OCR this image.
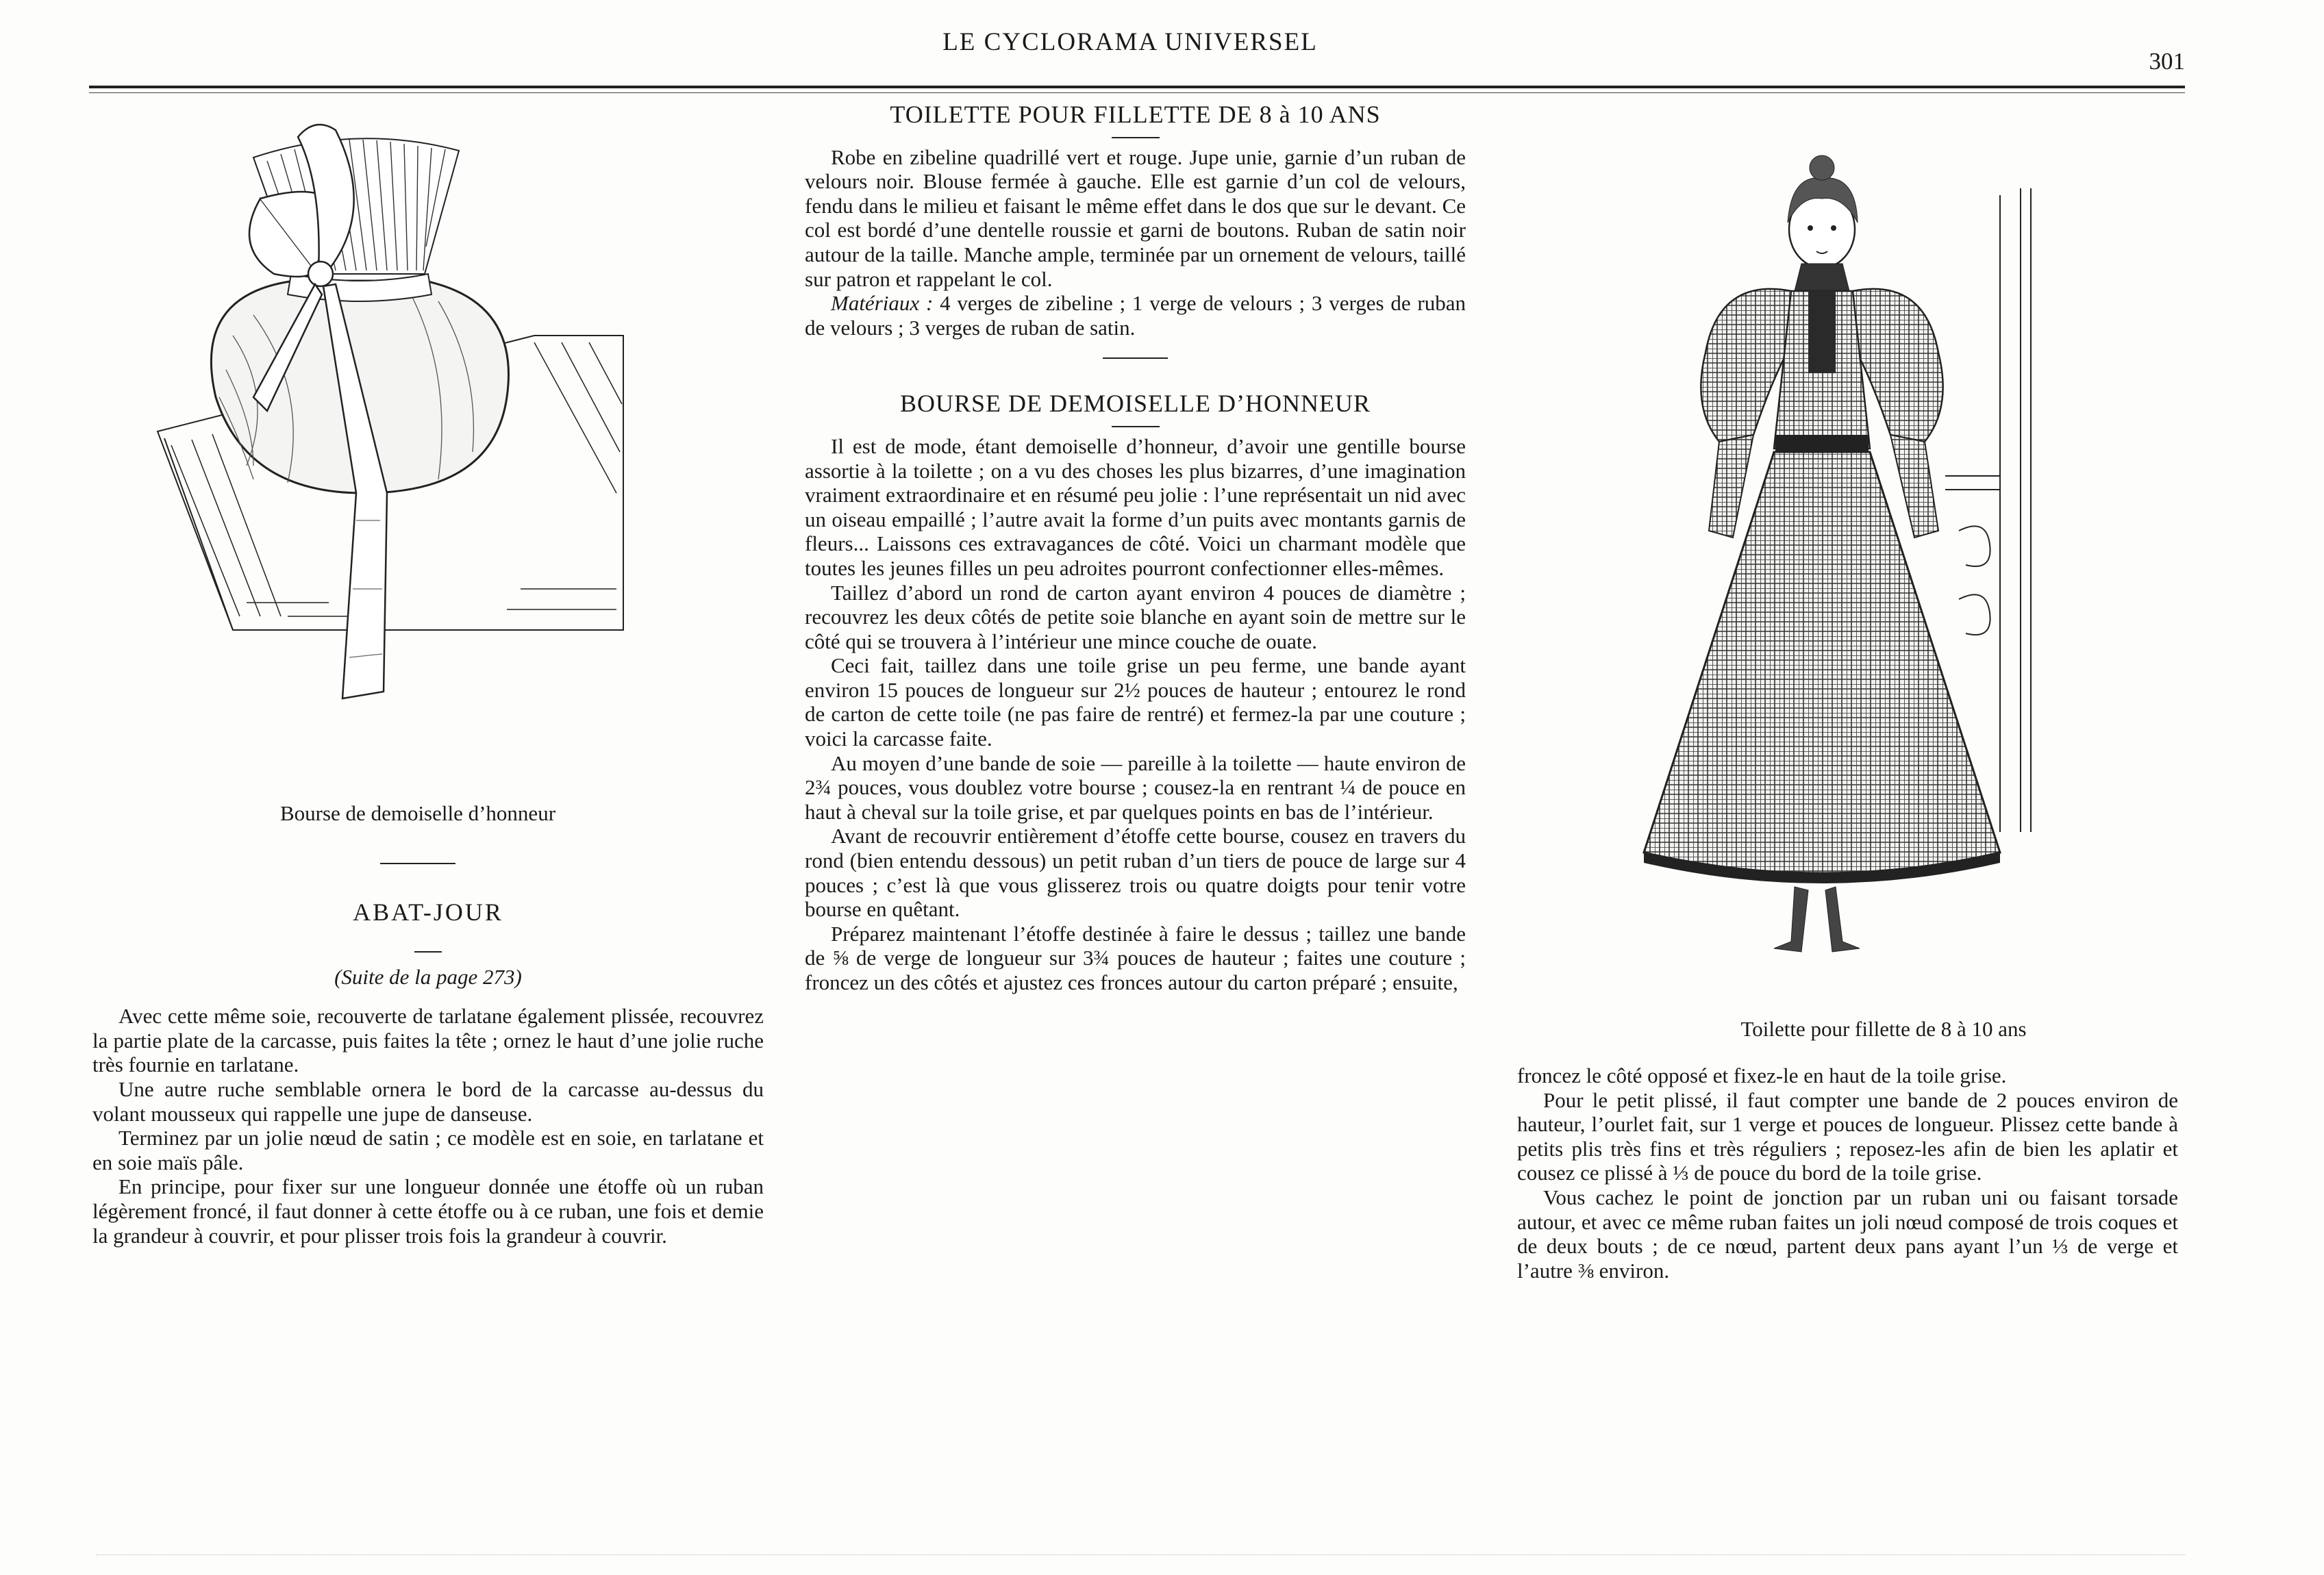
LE CYCLORAMA UNIVERSEL
301
Bourse de demoiselle d’honneur
ABAT-JOUR
(Suite de la page 273)

Avec cette même soie, recouverte de tarlatane également plissée, recouvrez la partie plate de la carcasse, puis faites la tête ; ornez le haut d’une jolie ruche très fournie en tarlatane.

Une autre ruche semblable ornera le bord de la carcasse au-dessus du volant mousseux qui rappelle une jupe de danseuse.

Terminez par un jolie nœud de satin ; ce modèle est en soie, en tarlatane et en soie maïs pâle.

En principe, pour fixer sur une longueur donnée une étoffe où un ruban légèrement froncé, il faut donner à cette étoffe ou à ce ruban, une fois et demie la grandeur à couvrir, et pour plisser trois fois la grandeur à couvrir.

TOILETTE POUR FILLETTE DE 8 à 10 ANS

Robe en zibeline quadrillé vert et rouge. Jupe unie, garnie d’un ruban de velours noir. Blouse fermée à gauche. Elle est garnie d’un col de velours, fendu dans le milieu et faisant le même effet dans le dos que sur le devant. Ce col est bordé d’une dentelle roussie et garni de boutons. Ruban de satin noir autour de la taille. Manche ample, terminée par un ornement de velours, taillé sur patron et rappelant le col.

Matériaux : 4 verges de zibeline ; 1 verge de velours ; 3 verges de ruban de velours ; 3 verges de ruban de satin.

BOURSE DE DEMOISELLE D’HONNEUR

Il est de mode, étant demoiselle d’honneur, d’avoir une gentille bourse assortie à la toilette ; on a vu des choses les plus bizarres, d’une imagination vraiment extraordinaire et en résumé peu jolie : l’une représentait un nid avec un oiseau empaillé ; l’autre avait la forme d’un puits avec montants garnis de fleurs... Laissons ces extravagances de côté. Voici un charmant modèle que toutes les jeunes filles un peu adroites pourront confectionner elles-mêmes.

Taillez d’abord un rond de carton ayant environ 4 pouces de diamètre ; recouvrez les deux côtés de petite soie blanche en ayant soin de mettre sur le côté qui se trouvera à l’intérieur une mince couche de ouate.

Ceci fait, taillez dans une toile grise un peu ferme, une bande ayant environ 15 pouces de longueur sur 2½ pouces de hauteur ; entourez le rond de carton de cette toile (ne pas faire de rentré) et fermez-la par une couture ; voici la carcasse faite.

Au moyen d’une bande de soie — pareille à la toilette — haute environ de 2¾ pouces, vous doublez votre bourse ; cousez-la en rentrant ¼ de pouce en haut à cheval sur la toile grise, et par quelques points en bas de l’intérieur.

Avant de recouvrir entièrement d’étoffe cette bourse, cousez en travers du rond (bien entendu dessous) un petit ruban d’un tiers de pouce de large sur 4 pouces ; c’est là que vous glisserez trois ou quatre doigts pour tenir votre bourse en quêtant.

Préparez maintenant l’étoffe destinée à faire le dessus ; taillez une bande de ⅝ de verge de longueur sur 3¾ pouces de hauteur ; faites une couture ; froncez un des côtés et ajustez ces fronces autour du carton préparé ; ensuite,

Toilette pour fillette de 8 à 10 ans

froncez le côté opposé et fixez-le en haut de la toile grise.

Pour le petit plissé, il faut compter une bande de 2 pouces environ de hauteur, l’ourlet fait, sur 1 verge et pouces de longueur. Plissez cette bande à petits plis très fins et très réguliers ; reposez-les afin de bien les aplatir et cousez ce plissé à ⅓ de pouce du bord de la toile grise.

Vous cachez le point de jonction par un ruban uni ou faisant torsade autour, et avec ce même ruban faites un joli nœud composé de trois coques et de deux bouts ; de ce nœud, partent deux pans ayant l’un ⅓ de verge et l’autre ⅜ environ.
